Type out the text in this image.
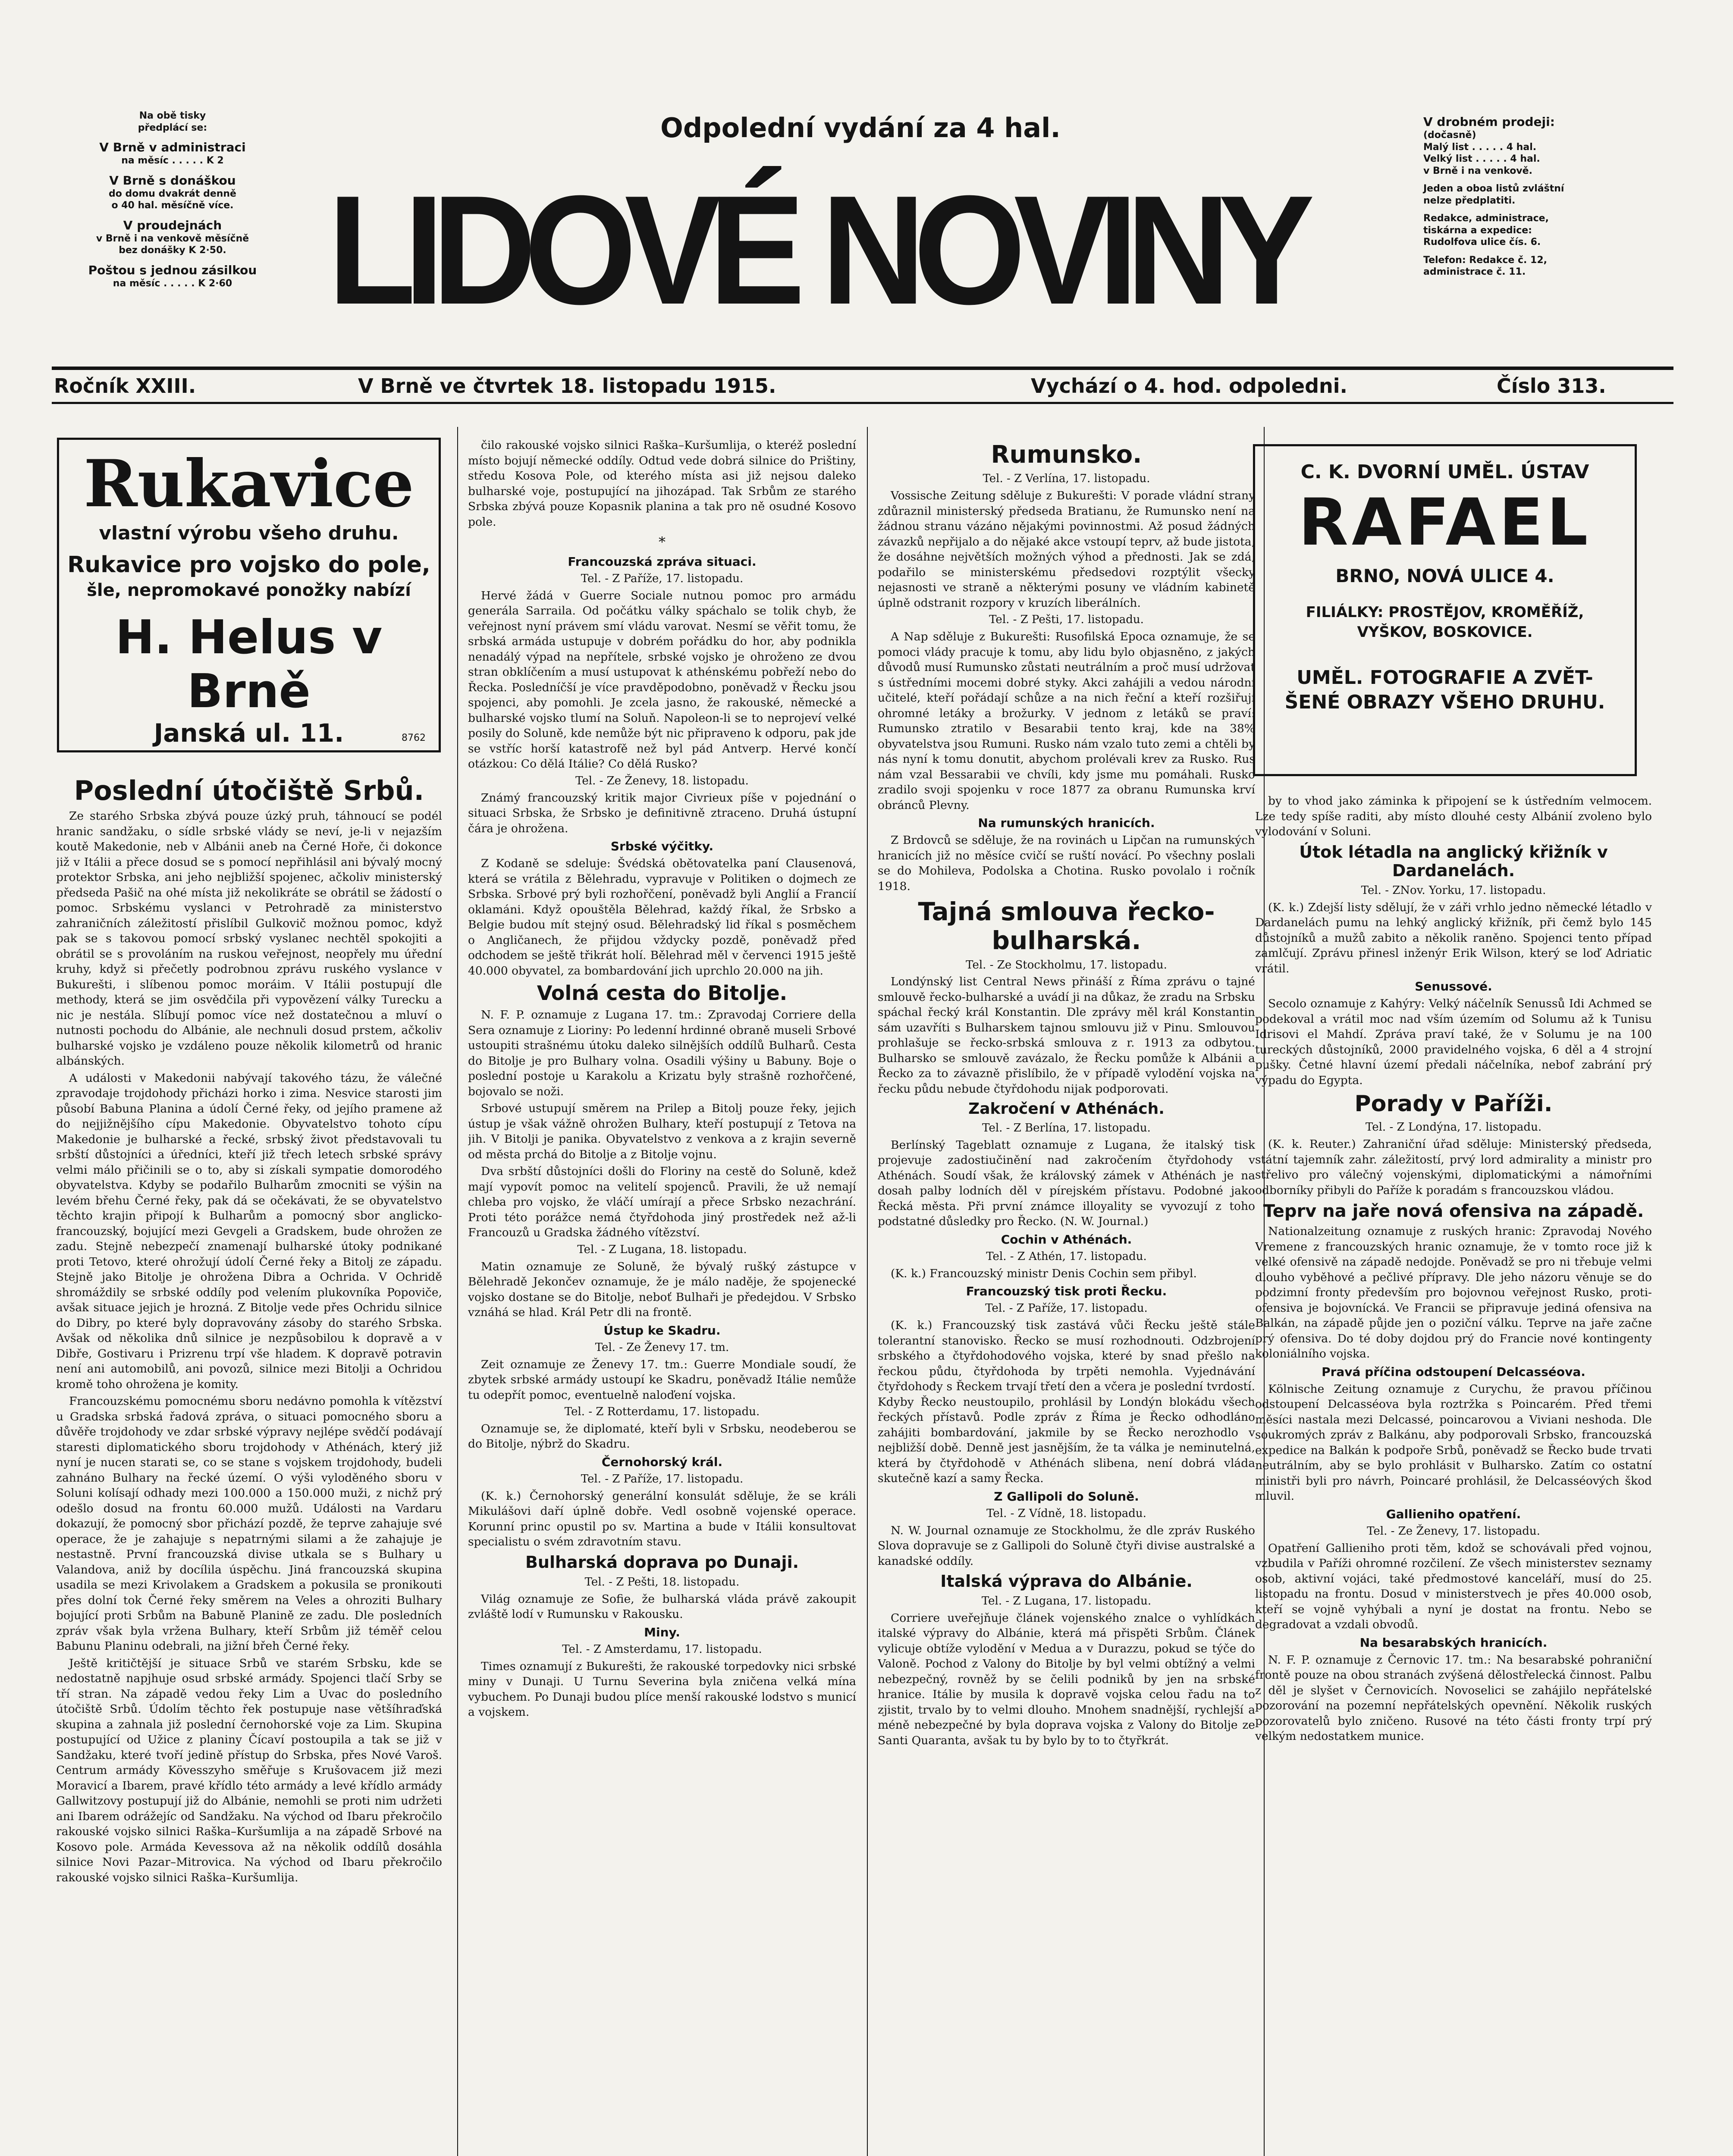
Na obě tisky
předplácí se:
V Brně v administraci
na měsíc . . . . . K 2
V Brně s donáškou
do domu dvakrát denně
o 40 hal. měsíčně více.
V proudejnách
v Brně i na venkově měsíčně
bez donášky K 2·50.
Poštou s jednou zásilkou
na měsíc . . . . . K 2·60
Odpolední vydání za 4 hal.
LIDOVÉ NOVINY
V drobném prodeji:
(dočasně)
Malý list . . . . . 4 hal.
Velký list . . . . . 4 hal.
v Brně i na venkově.
Jeden a oboa listů zvláštní
nelze předplatiti.
Redakce, administrace,
tiskárna a expedice:
Rudolfova ulice čís. 6.
Telefon: Redakce č. 12,
administrace č. 11.
Ročník XXIII.	V Brně ve čtvrtek 18. listopadu 1915.	Vychází o 4. hod. odpoledni.	Číslo 313.
Rukavice
vlastní výrobu všeho druhu.
Rukavice pro vojsko do pole,
šle, nepromokavé ponožky nabízí
H. Helus v Brně
Janská ul. 11.	8762
Poslední útočiště Srbů.

Ze starého Srbska zbývá pouze úzký pruh, táhnoucí se podél hranic sandžaku, o sídle srbské vlády se neví, je-li v nejazším koutě Makedonie, neb v Albánii aneb na Černé Hoře, či dokonce již v Itálii a přece dosud se s pomocí nepřihlásil ani bývalý mocný protektor Srbska, ani jeho nejbližší spojenec, ačkoliv ministerský předseda Pašič na ohé místa již nekolikráte se obrátil se žádostí o pomoc. Srbskému vyslanci v Petrohradě za ministerstvo zahraničních záležitostí přislíbil Gulkovič možnou pomoc, když pak se s takovou pomocí srbský vyslanec nechtěl spokojiti a obrátil se s provoláním na ruskou veřejnost, neopřely mu úřední kruhy, když si přečetly podrobnou zprávu ruského vyslance v Bukurešti, i slíbenou pomoc moráim. V Itálii postupují dle methody, která se jim osvědčila při vypovězení války Turecku a nic je nestála. Slíbují pomoc více než dostatečnou a mluví o nutnosti pochodu do Albánie, ale nechnuli dosud prstem, ačkoliv bulharské vojsko je vzdáleno pouze několik kilometrů od hranic albánských.

A události v Makedonii nabývají takového tázu, že válečné zpravodaje trojdohody přicházi horko i zima. Nesvice starosti jim působí Babuna Planina a údolí Černé řeky, od jejího pramene až do nejjižnějšího cípu Makedonie. Obyvatelstvo tohoto cípu Makedonie je bulharské a řecké, srbský život představovali tu srbští důstojníci a úředníci, kteří již třech letech srbské správy velmi málo přičinili se o to, aby si získali sympatie domorodého obyvatelstva. Kdyby se podařilo Bulharům zmocniti se výšin na levém břehu Černé řeky, pak dá se očekávati, že se obyvatelstvo těchto krajin připojí k Bulharům a pomocný sbor anglicko-francouzský, bojující mezi Gevgeli a Gradskem, bude ohrožen ze zadu. Stejně nebezpečí znamenají bulharské útoky podnikané proti Tetovo, které ohrožují údolí Černé řeky a Bitolj ze západu. Stejně jako Bitolje je ohrožena Dibra a Ochrida. V Ochridě shromáždily se srbské oddíly pod velením plukovníka Popoviče, avšak situace jejich je hrozná. Z Bitolje vede přes Ochridu silnice do Dibry, po které byly dopravovány zásoby do starého Srbska. Avšak od několika dnů silnice je nezpůsobilou k dopravě a v Dibře, Gostivaru i Prizrenu trpí vše hladem. K dopravě potravin není ani automobilů, ani povozů, silnice mezi Bitolji a Ochridou kromě toho ohrožena je komity.

Francouzskému pomocnému sboru nedávno pomohla k vítězství u Gradska srbská řadová zpráva, o situaci pomocného sboru a důvěře trojdohody ve zdar srbské výpravy nejlépe svědčí podávají staresti diplomatického sboru trojdohody v Athénách, který již nyní je nucen starati se, co se stane s vojskem trojdohody, budeli zahnáno Bulhary na řecké území. O výši vyloděného sboru v Soluni kolísají odhady mezi 100.000 a 150.000 muži, z nichž prý odešlo dosud na frontu 60.000 mužů. Události na Vardaru dokazují, že pomocný sbor přichází pozdě, že teprve zahajuje své operace, že je zahajuje s nepatrnými silami a že zahajuje je nestastně. První francouzská divise utkala se s Bulhary u Valandova, aniž by docílila úspěchu. Jiná francouzská skupina usadila se mezi Krivolakem a Gradskem a pokusila se pronikouti přes dolní tok Černé řeky směrem na Veles a ohroziti Bulhary bojující proti Srbům na Babuně Planině ze zadu. Dle posledních zpráv však byla vržena Bulhary, kteří Srbům již téměř celou Babunu Planinu odebrali, na jižní břeh Černé řeky.

Ještě kritičtější je situace Srbů ve starém Srbsku, kde se nedostatně napjhuje osud srbské armády. Spojenci tlačí Srby se tří stran. Na západě vedou řeky Lim a Uvac do posledního útočiště Srbů. Údolím těchto řek postupuje nase většíhraďská skupina a zahnala již poslední černohorské voje za Lim. Skupina postupující od Užice z planiny Čícaví postoupila a tak se již v Sandžaku, které tvoří jedině přístup do Srbska, přes Nové Varoš. Centrum armády Kövesszyho směřuje s Krušovacem již mezi Moravicí a Ibarem, pravé křídlo této armády a levé křídlo armády Gallwitzovy postupují již do Albánie, nemohli se proti nim udržeti ani Ibarem odrážejíc od Sandžaku. Na východ od Ibaru překročilo rakouské vojsko silnici Raška–Kuršumlija a na západě Srbové na Kosovo pole. Armáda Kevessova až na několik oddílů dosáhla silnice Novi Pazar–Mitrovica. Na východ od Ibaru překročilo rakouské vojsko silnici Raška–Kuršumlija.

čilo rakouské vojsko silnici Raška–Kuršumlija, o kteréž poslední místo bojují německé oddíly. Odtud vede dobrá silnice do Prištiny, středu Kosova Pole, od kterého místa asi již nejsou daleko bulharské voje, postupující na jihozápad. Tak Srbům ze starého Srbska zbývá pouze Kopasnik planina a tak pro ně osudné Kosovo pole.

*
Francouzská zpráva situaci.
Tel. - Z Paříže, 17. listopadu.

Hervé žádá v Guerre Sociale nutnou pomoc pro armádu generála Sarraila. Od počátku války spáchalo se tolik chyb, že veřejnost nyní právem smí vládu varovat. Nesmí se věřit tomu, že srbská armáda ustupuje v dobrém pořádku do hor, aby podnikla nenadálý výpad na nepřítele, srbské vojsko je ohroženo ze dvou stran obklíčením a musí ustupovat k athénskému pobřeží nebo do Řecka. Posledníčší je více pravděpodobno, poněvadž v Řecku jsou spojenci, aby pomohli. Je zcela jasno, že rakouské, německé a bulharské vojsko tlumí na Soluň. Napoleon-li se to neprojeví velké posily do Soluně, kde nemůže být nic připraveno k odporu, pak jde se vstříc horší katastrofě než byl pád Antverp. Hervé končí otázkou: Co dělá Itálie? Co dělá Rusko?

Tel. - Ze Ženevy, 18. listopadu.

Známý francouzský kritik major Civrieux píše v pojednání o situaci Srbska, že Srbsko je definitivně ztraceno. Druhá ústupní čára je ohrožena.

Srbské výčitky.

Z Kodaně se sdeluje: Švédská obětovatelka paní Clausenová, která se vrátila z Bělehradu, vypravuje v Politiken o dojmech ze Srbska. Srbové prý byli rozhořčení, poněvadž byli Anglií a Francií oklamáni. Když opouštěla Bělehrad, každý říkal, že Srbsko a Belgie budou mít stejný osud. Bělehradský lid říkal s posměchem o Angličanech, že přijdou vždycky pozdě, poněvadž před odchodem se ještě třikrát holí. Bělehrad měl v červenci 1915 ještě 40.000 obyvatel, za bombardování jich uprchlo 20.000 na jih.

Volná cesta do Bitolje.

N. F. P. oznamuje z Lugana 17. tm.: Zpravodaj Corriere della Sera oznamuje z Lioriny: Po ledenní hrdinné obraně museli Srbové ustoupiti strašnému útoku daleko silnějších oddílů Bulharů. Cesta do Bitolje je pro Bulhary volna. Osadili výšiny u Babuny. Boje o poslední postoje u Karakolu a Krizatu byly strašně rozhořčené, bojovalo se noži.

Srbové ustupují směrem na Prilep a Bitolj pouze řeky, jejich ústup je však vážně ohrožen Bulhary, kteří postupují z Tetova na jih. V Bitolji je panika. Obyvatelstvo z venkova a z krajin severně od města prchá do Bitolje a z Bitolje vojnu.

Dva srbští důstojníci došli do Floriny na cestě do Soluně, kdež mají vypovít pomoc na velitelí spojenců. Pravili, že už nemají chleba pro vojsko, že vláčí umírají a přece Srbsko nezachrání. Proti této porážce nemá čtyřdohoda jiný prostředek než až-li Francouzů u Gradska žádného vítězství.

Tel. - Z Lugana, 18. listopadu.

Matin oznamuje ze Soluně, že bývalý rušký zástupce v Bělehradě Jekončev oznamuje, že je málo naděje, že spojenecké vojsko dostane se do Bitolje, neboť Bulhaři je předejdou. V Srbsko vznáhá se hlad. Král Petr dli na frontě.

Ústup ke Skadru.
Tel. - Ze Ženevy 17. tm.

Zeit oznamuje ze Ženevy 17. tm.: Guerre Mondiale soudí, že zbytek srbské armády ustoupí ke Skadru, poněvadž Itálie nemůže tu odepřít pomoc, eventuelně naloďení vojska.

Tel. - Z Rotterdamu, 17. listopadu.

Oznamuje se, že diplomaté, kteří byli v Srbsku, neodeberou se do Bitolje, nýbrž do Skadru.

Černohorský král.
Tel. - Z Paříže, 17. listopadu.

(K. k.) Černohorský generální konsulát sděluje, že se králi Mikulášovi daří úplně dobře. Vedl osobně vojenské operace. Korunní princ opustil po sv. Martina a bude v Itálii konsultovat specialistu o svém zdravotním stavu.

Bulharská doprava po Dunaji.
Tel. - Z Pešti, 18. listopadu.

Világ oznamuje ze Sofie, že bulharská vláda právě zakoupit zvláště lodí v Rumunsku v Rakousku.

Miny.
Tel. - Z Amsterdamu, 17. listopadu.

Times oznamují z Bukurešti, že rakouské torpedovky nici srbské miny v Dunaji. U Turnu Severina byla zničena velká mína vybuchem. Po Dunaji budou plíce menší rakouské lodstvo s municí a vojskem.

Rumunsko.
Tel. - Z Verlína, 17. listopadu.

Vossische Zeitung sděluje z Bukurešti: V porade vládní strany zdůraznil ministerský předseda Bratianu, že Rumunsko není na žádnou stranu vázáno nějakými povinnostmi. Až posud žádných závazků nepřijalo a do nějaké akce vstoupí teprv, až bude jistota, že dosáhne největších možných výhod a přednosti. Jak se zdá, podařilo se ministerskému předsedovi rozptýlit všecky nejasnosti ve straně a některými posuny ve vládním kabinetě úplně odstranit rozpory v kruzích liberálních.

Tel. - Z Pešti, 17. listopadu.

A Nap sděluje z Bukurešti: Rusofilská Epoca oznamuje, že se pomoci vlády pracuje k tomu, aby lidu bylo objasněno, z jakých důvodů musí Rumunsko zůstati neutrálním a proč musí udržovat s ústředními mocemi dobré styky. Akci zahájili a vedou národní učitelé, kteří pořádají schůze a na nich řeční a kteří rozšiřují ohromné letáky a brožurky. V jednom z letáků se praví: Rumunsko ztratilo v Besarabii tento kraj, kde na 38% obyvatelstva jsou Rumuni. Rusko nám vzalo tuto zemi a chtěli by nás nyní k tomu donutit, abychom prolévali krev za Rusko. Rus nám vzal Bessarabii ve chvíli, kdy jsme mu pomáhali. Rusko zradilo svoji spojenku v roce 1877 za obranu Rumunska krví obránců Plevny.

Na rumunských hranicích.

Z Brdovců se sděluje, že na rovinách u Lipčan na rumunských hranicích již no měsíce cvičí se ruští novácí. Po všechny poslali se do Mohileva, Podolska a Chotina. Rusko povolalo i ročník 1918.

Tajná smlouva řecko-bulharská.
Tel. - Ze Stockholmu, 17. listopadu.

Londýnský list Central News přináší z Říma zprávu o tajné smlouvě řecko-bulharské a uvádí ji na důkaz, že zradu na Srbsku spáchal řecký král Konstantin. Dle zprávy měl král Konstantin sám uzavříti s Bulharskem tajnou smlouvu již v Pinu. Smlouvou prohlašuje se řecko-srbská smlouva z r. 1913 za odbytou. Bulharsko se smlouvě zavázalo, že Řecku pomůže k Albánii a Řecko za to závazně přislíbilo, že v případě vylodění vojska na řecku půdu nebude čtyřdohodu nijak podporovati.

Zakročení v Athénách.
Tel. - Z Berlína, 17. listopadu.

Berlínský Tageblatt oznamuje z Lugana, že italský tisk projevuje zadostiučinění nad zakročením čtyřdohody v Athénách. Soudí však, že královský zámek v Athénách je na dosah palby lodních děl v pírejském přístavu. Podobné jako Řecká města. Při první známce illoyality se vyvozují z toho podstatné důsledky pro Řecko. (N. W. Journal.)

Cochin v Athénách.
Tel. - Z Athén, 17. listopadu.

(K. k.) Francouzský ministr Denis Cochin sem přibyl.

Francouzský tisk proti Řecku.
Tel. - Z Paříže, 17. listopadu.

(K. k.) Francouzský tisk zastává vůči Řecku ještě stále tolerantní stanovisko. Řecko se musí rozhodnouti. Odzbrojení srbského a čtyřdohodového vojska, které by snad přešlo na řeckou půdu, čtyřdohoda by trpěti nemohla. Vyjednávání čtyřdohody s Řeckem trvají třetí den a včera je poslední tvrdostí. Kdyby Řecko neustoupilo, prohlásil by Londýn blokádu všech řeckých přístavů. Podle zpráv z Říma je Řecko odhodláno zahájiti bombardování, jakmile by se Řecko nerozhodlo v nejbližší době. Denně jest jasnějším, že ta válka je neminutelná, která by čtyřdohodě v Athénách slibena, není dobrá vláda skutečně kazí a samy Řecka.

Z Gallipoli do Soluně.
Tel. - Z Vídně, 18. listopadu.

N. W. Journal oznamuje ze Stockholmu, že dle zpráv Ruského Slova dopravuje se z Gallipoli do Soluně čtyři divise australské a kanadské oddíly.

Italská výprava do Albánie.
Tel. - Z Lugana, 17. listopadu.

Corriere uveřejňuje článek vojenského znalce o vyhlídkách italské výpravy do Albánie, která má přispěti Srbům. Článek vylicuje obtíže vylodění v Medua a v Durazzu, pokud se týče do Valoně. Pochod z Valony do Bitolje by byl velmi obtížný a velmi nebezpečný, rovněž by se čelili podniků by jen na srbské hranice. Itálie by musila k dopravě vojska celou řadu na to zjistit, trvalo by to velmi dlouho. Mnohem snadnější, rychlejší a méně nebezpečné by byla doprava vojska z Valony do Bitolje ze Santi Quaranta, avšak tu by bylo by to to čtyřkrát.

C. K. DVORNÍ UMĚL. ÚSTAV
RAFAEL
BRNO, NOVÁ ULICE 4.
FILIÁLKY: PROSTĚJOV, KROMĚŘÍŽ,
VYŠKOV, BOSKOVICE.
UMĚL. FOTOGRAFIE A ZVĚT-
ŠENÉ OBRAZY VŠEHO DRUHU.

by to vhod jako záminka k připojení se k ústředním velmocem. Lze tedy spíše raditi, aby místo dlouhé cesty Albánií zvoleno bylo vylodování v Soluni.

Útok létadla na anglický křižník v Dardanelách.
Tel. - ZNov. Yorku, 17. listopadu.

(K. k.) Zdejší listy sdělují, že v záři vrhlo jedno německé létadlo v Dardanelách pumu na lehký anglický křižník, při čemž bylo 145 důstojníků a mužů zabito a několik raněno. Spojenci tento případ zamlčují. Zprávu přinesl inženýr Erik Wilson, který se loď Adriatic vrátil.

Senussové.

Secolo oznamuje z Kahýry: Velký náčelník Senussů Idi Achmed se podekoval a vrátil moc nad vším územím od Solumu až k Tunisu Idrisovi el Mahdí. Zpráva praví také, že v Solumu je na 100 tureckých důstojníků, 2000 pravidelného vojska, 6 děl a 4 strojní pušky. Četné hlavní území předali náčelníka, nebof zabrání prý výpadu do Egypta.

Porady v Paříži.
Tel. - Z Londýna, 17. listopadu.

(K. k. Reuter.) Zahraniční úřad sděluje: Ministerský předseda, státní tajemník zahr. záležitostí, prvý lord admirality a ministr pro střelivo pro válečný vojenskými, diplomatickými a námořními odborníky přibyli do Paříže k poradám s francouzskou vládou.

Teprv na jaře nová ofensiva na západě.

Nationalzeitung oznamuje z ruských hranic: Zpravodaj Nového Vremene z francouzských hranic oznamuje, že v tomto roce již k velké ofensivě na západě nedojde. Poněvadž se pro ni třebuje velmi dlouho vyběhové a pečlivé přípravy. Dle jeho názoru věnuje se do podzimní fronty především pro bojovnou veřejnost Rusko, proti-ofensiva je bojovnícká. Ve Francii se připravuje jediná ofensiva na Balkán, na západě půjde jen o poziční válku. Teprve na jaře začne prý ofensiva. Do té doby dojdou prý do Francie nové kontingenty koloniálního vojska.

Pravá příčina odstoupení Delcasséova.

Kölnische Zeitung oznamuje z Curychu, že pravou příčinou odstoupení Delcasséova byla roztržka s Poincarém. Před třemi měsíci nastala mezi Delcassé, poincarovou a Viviani neshoda. Dle soukromých zpráv z Balkánu, aby podporovali Srbsko, francouzská expedice na Balkán k podpoře Srbů, poněvadž se Řecko bude trvati neutrálním, aby se bylo prohlásit v Bulharsko. Zatím co ostatní ministři byli pro návrh, Poincaré prohlásil, že Delcasséových škod mluvil.

Gallieniho opatření.
Tel. - Ze Ženevy, 17. listopadu.

Opatření Gallieniho proti těm, kdož se schovávali před vojnou, vzbudila v Paříži ohromné rozčilení. Ze všech ministerstev seznamy osob, aktivní vojáci, také předmostové kanceláří, musí do 25. listopadu na frontu. Dosud v ministerstvech je přes 40.000 osob, kteří se vojně vyhýbali a nyní je dostat na frontu. Nebo se degradovat a vzdali obvodů.

Na besarabských hranicích.

N. F. P. oznamuje z Černovic 17. tm.: Na besarabské pohraniční frontě pouze na obou stranách zvýšená dělostřelecká činnost. Palbu z děl je slyšet v Černovicích. Novoselici se zahájilo nepřátelské pozorování na pozemní nepřátelských opevnění. Několik ruských pozorovatelů bylo zničeno. Rusové na této části fronty trpí prý velkým nedostatkem munice.
